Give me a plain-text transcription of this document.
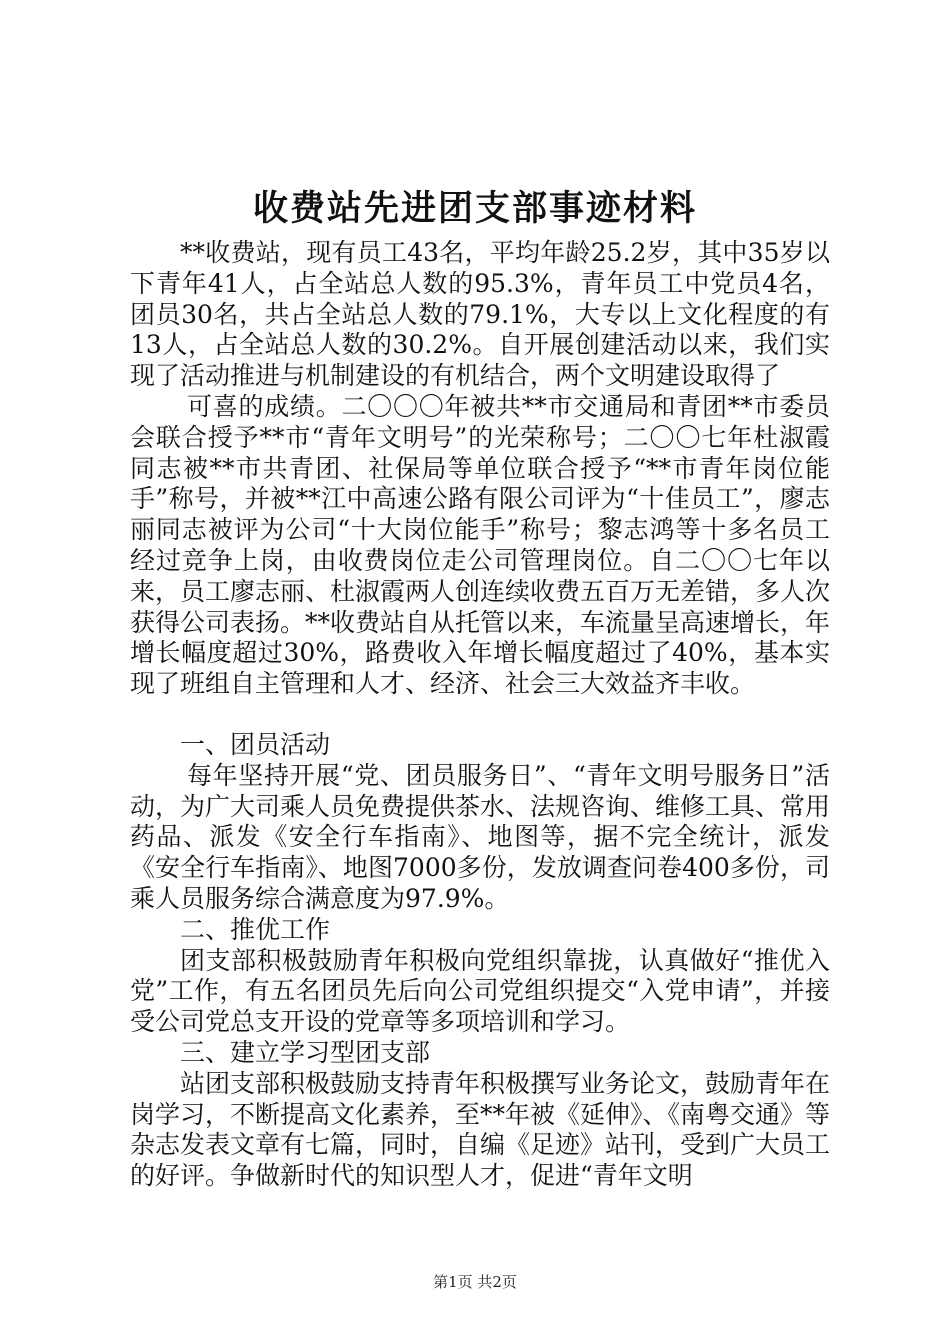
收费站先进团支部事迹材料

**收费站，现有员工43名，平均年龄25.2岁，其中35岁以下青年41人，占全站总人数的95.3%，青年员工中党员4名，团员30名，共占全站总人数的79.1%，大专以上文化程度的有13人，占全站总人数的30.2%。自开展创建活动以来，我们实现了活动推进与机制建设的有机结合，两个文明建设取得了

可喜的成绩。二〇〇〇年被共**市交通局和青团**市委员会联合授予**市“青年文明号”的光荣称号；二〇〇七年杜淑霞同志被**市共青团、社保局等单位联合授予“**市青年岗位能手”称号，并被**江中高速公路有限公司评为“十佳员工”，廖志丽同志被评为公司“十大岗位能手”称号；黎志鸿等十多名员工经过竞争上岗，由收费岗位走公司管理岗位。自二〇〇七年以来，员工廖志丽、杜淑霞两人创连续收费五百万无差错，多人次获得公司表扬。**收费站自从托管以来，车流量呈高速增长，年增长幅度超过30%，路费收入年增长幅度超过了40%，基本实现了班组自主管理和人才、经济、社会三大效益齐丰收。

一、团员活动

每年坚持开展“党、团员服务日”、“青年文明号服务日”活动，为广大司乘人员免费提供茶水、法规咨询、维修工具、常用药品、派发《安全行车指南》、地图等，据不完全统计，派发《安全行车指南》、地图7000多份，发放调查问卷400多份，司乘人员服务综合满意度为97.9%。

二、推优工作

团支部积极鼓励青年积极向党组织靠拢，认真做好“推优入党”工作，有五名团员先后向公司党组织提交“入党申请”，并接受公司党总支开设的党章等多项培训和学习。

三、建立学习型团支部

站团支部积极鼓励支持青年积极撰写业务论文，鼓励青年在岗学习，不断提高文化素养，至**年被《延伸》、《南粤交通》等杂志发表文章有七篇，同时，自编《足迹》站刊，受到广大员工的好评。争做新时代的知识型人才，促进“青年文明

第1页 共2页
